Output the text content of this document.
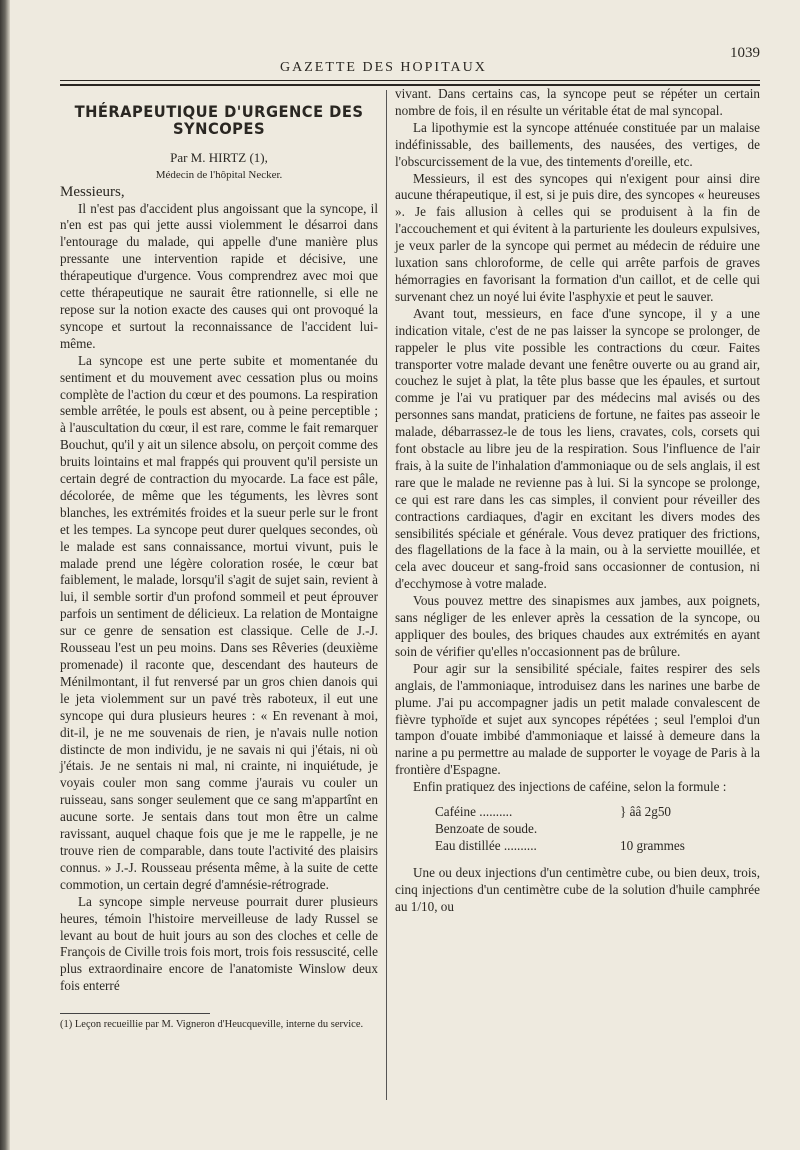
GAZETTE DES HOPITAUX
1039
THÉRAPEUTIQUE D'URGENCE DES SYNCOPES

Par M. HIRTZ (1),

Médecin de l'hôpital Necker.

Messieurs,

Il n'est pas d'accident plus angoissant que la syncope, il n'en est pas qui jette aussi violemment le désarroi dans l'entourage du malade, qui appelle d'une manière plus pressante une intervention rapide et décisive, une thérapeutique d'urgence. Vous comprendrez avec moi que cette thérapeutique ne saurait être rationnelle, si elle ne repose sur la notion exacte des causes qui ont provoqué la syncope et surtout la reconnaissance de l'accident lui-même.

La syncope est une perte subite et momentanée du sentiment et du mouvement avec cessation plus ou moins complète de l'action du cœur et des poumons. La respiration semble arrêtée, le pouls est absent, ou à peine perceptible ; à l'auscultation du cœur, il est rare, comme le fait remarquer Bouchut, qu'il y ait un silence absolu, on perçoit comme des bruits lointains et mal frappés qui prouvent qu'il persiste un certain degré de contraction du myocarde. La face est pâle, décolorée, de même que les téguments, les lèvres sont blanches, les extrémités froides et la sueur perle sur le front et les tempes. La syncope peut durer quelques secondes, où le malade est sans connaissance, mortui vivunt, puis le malade prend une légère coloration rosée, le cœur bat faiblement, le malade, lorsqu'il s'agit de sujet sain, revient à lui, il semble sortir d'un profond sommeil et peut éprouver parfois un sentiment de délicieux. La relation de Montaigne sur ce genre de sensation est classique. Celle de J.-J. Rousseau l'est un peu moins. Dans ses Rêveries (deuxième promenade) il raconte que, descendant des hauteurs de Ménilmontant, il fut renversé par un gros chien danois qui le jeta violemment sur un pavé très raboteux, il eut une syncope qui dura plusieurs heures : « En revenant à moi, dit-il, je ne me souvenais de rien, je n'avais nulle notion distincte de mon individu, je ne savais ni qui j'étais, ni où j'étais. Je ne sentais ni mal, ni crainte, ni inquiétude, je voyais couler mon sang comme j'aurais vu couler un ruisseau, sans songer seulement que ce sang m'appartînt en aucune sorte. Je sentais dans tout mon être un calme ravissant, auquel chaque fois que je me le rappelle, je ne trouve rien de comparable, dans toute l'activité des plaisirs connus. » J.-J. Rousseau présenta même, à la suite de cette commotion, un certain degré d'amnésie-rétrograde.

La syncope simple nerveuse pourrait durer plusieurs heures, témoin l'histoire merveilleuse de lady Russel se levant au bout de huit jours au son des cloches et celle de François de Civille trois fois mort, trois fois ressuscité, celle plus extraordinaire encore de l'anatomiste Winslow deux fois enterré

(1) Leçon recueillie par M. Vigneron d'Heucqueville, interne du service.

vivant. Dans certains cas, la syncope peut se répéter un certain nombre de fois, il en résulte un véritable état de mal syncopal.

La lipothymie est la syncope atténuée constituée par un malaise indéfinissable, des baillements, des nausées, des vertiges, de l'obscurcissement de la vue, des tintements d'oreille, etc.

Messieurs, il est des syncopes qui n'exigent pour ainsi dire aucune thérapeutique, il est, si je puis dire, des syncopes « heureuses ». Je fais allusion à celles qui se produisent à la fin de l'accouchement et qui évitent à la parturiente les douleurs expulsives, je veux parler de la syncope qui permet au médecin de réduire une luxation sans chloroforme, de celle qui arrête parfois de graves hémorragies en favorisant la formation d'un caillot, et de celle qui survenant chez un noyé lui évite l'asphyxie et peut le sauver.

Avant tout, messieurs, en face d'une syncope, il y a une indication vitale, c'est de ne pas laisser la syncope se prolonger, de rappeler le plus vite possible les contractions du cœur. Faites transporter votre malade devant une fenêtre ouverte ou au grand air, couchez le sujet à plat, la tête plus basse que les épaules, et surtout comme je l'ai vu pratiquer par des médecins mal avisés ou des personnes sans mandat, praticiens de fortune, ne faites pas asseoir le malade, débarrassez-le de tous les liens, cravates, cols, corsets qui font obstacle au libre jeu de la respiration. Sous l'influence de l'air frais, à la suite de l'inhalation d'ammoniaque ou de sels anglais, il est rare que le malade ne revienne pas à lui. Si la syncope se prolonge, ce qui est rare dans les cas simples, il convient pour réveiller des contractions cardiaques, d'agir en excitant les divers modes des sensibilités spéciale et générale. Vous devez pratiquer des frictions, des flagellations de la face à la main, ou à la serviette mouillée, et cela avec douceur et sang-froid sans occasionner de contusion, ni d'ecchymose à votre malade.

Vous pouvez mettre des sinapismes aux jambes, aux poignets, sans négliger de les enlever après la cessation de la syncope, ou appliquer des boules, des briques chaudes aux extrémités en ayant soin de vérifier qu'elles n'occasionnent pas de brûlure.

Pour agir sur la sensibilité spéciale, faites respirer des sels anglais, de l'ammoniaque, introduisez dans les narines une barbe de plume. J'ai pu accompagner jadis un petit malade convalescent de fièvre typhoïde et sujet aux syncopes répétées ; seul l'emploi d'un tampon d'ouate imbibé d'ammoniaque et laissé à demeure dans la narine a pu permettre au malade de supporter le voyage de Paris à la frontière d'Espagne.

Enfin pratiquez des injections de caféine, selon la formule :

Caféine ..........	} ââ 2g50
Benzoate de soude.
Eau distillée ..........	10 grammes

Une ou deux injections d'un centimètre cube, ou bien deux, trois, cinq injections d'un centimètre cube de la solution d'huile camphrée au 1/10, ou
